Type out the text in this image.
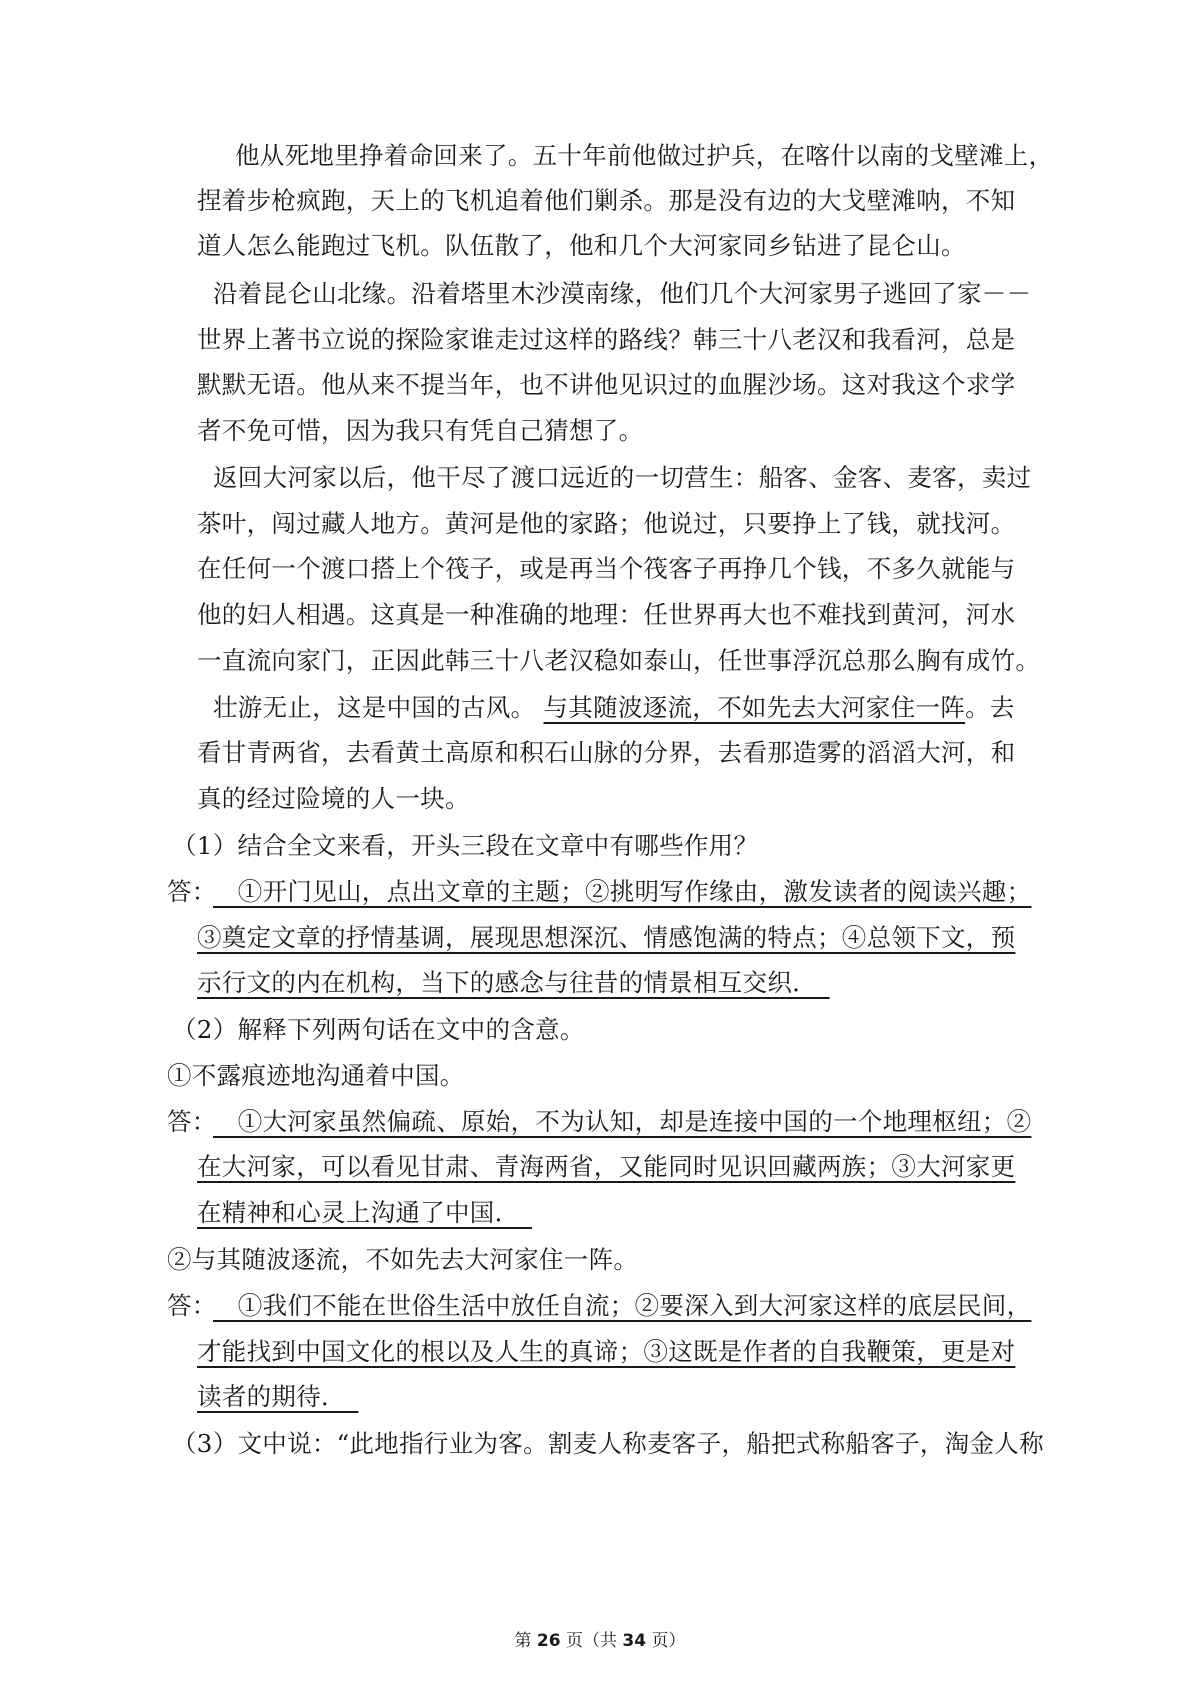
他从死地里挣着命回来了。五十年前他做过护兵，在喀什以南的戈壁滩上，
捏着步枪疯跑，天上的飞机追着他们剿杀。那是没有边的大戈壁滩呐，不知
道人怎么能跑过飞机。队伍散了，他和几个大河家同乡钻进了昆仑山。
沿着昆仑山北缘。沿着塔里木沙漠南缘，他们几个大河家男子逃回了家－－
世界上著书立说的探险家谁走过这样的路线？韩三十八老汉和我看河，总是
默默无语。他从来不提当年，也不讲他见识过的血腥沙场。这对我这个求学
者不免可惜，因为我只有凭自己猜想了。
返回大河家以后，他干尽了渡口远近的一切营生：船客、金客、麦客，卖过
茶叶，闯过藏人地方。黄河是他的家路；他说过，只要挣上了钱，就找河。
在任何一个渡口搭上个筏子，或是再当个筏客子再挣几个钱，不多久就能与
他的妇人相遇。这真是一种准确的地理：任世界再大也不难找到黄河，河水
一直流向家门，正因此韩三十八老汉稳如泰山，任世事浮沉总那么胸有成竹。
壮游无止，这是中国的古风。 与其随波逐流，不如先去大河家住一阵。去
看甘青两省，去看黄土高原和积石山脉的分界，去看那造雾的滔滔大河，和
真的经过险境的人一块。
（1）结合全文来看，开头三段在文章中有哪些作用？
答：
　①开门见山，点出文章的主题；②挑明写作缘由，激发读者的阅读兴趣；
③奠定文章的抒情基调，展现思想深沉、情感饱满的特点；④总领下文，预
示行文的内在机构，当下的感念与往昔的情景相互交织．　
（2）解释下列两句话在文中的含意。
①不露痕迹地沟通着中国。
答：
　①大河家虽然偏疏、原始，不为认知，却是连接中国的一个地理枢纽；②
在大河家，可以看见甘肃、青海两省，又能同时见识回藏两族；③大河家更
在精神和心灵上沟通了中国．　
②与其随波逐流，不如先去大河家住一阵。
答：
　①我们不能在世俗生活中放任自流；②要深入到大河家这样的底层民间，
才能找到中国文化的根以及人生的真谛；③这既是作者的自我鞭策，更是对
读者的期待．　
（3）文中说：“此地指行业为客。割麦人称麦客子，船把式称船客子，淘金人称
第 26 页（共 34 页）
